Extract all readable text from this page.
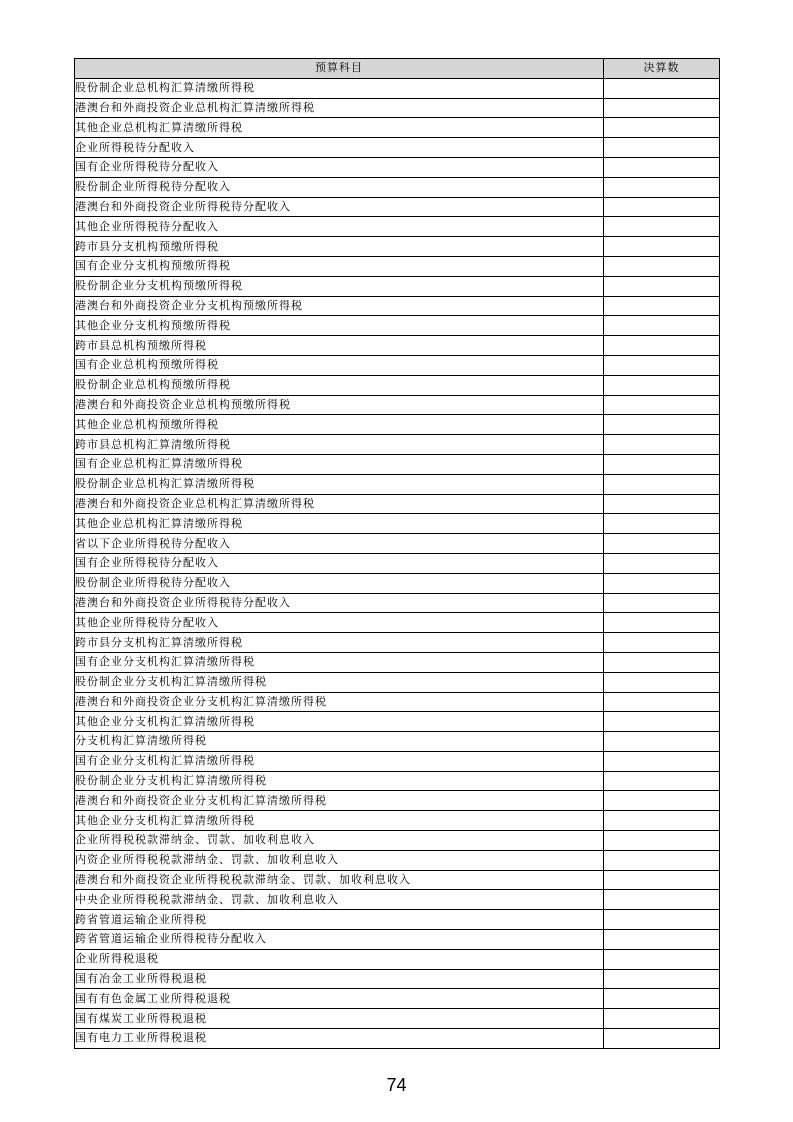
预算科目	决算数
股份制企业总机构汇算清缴所得税	
港澳台和外商投资企业总机构汇算清缴所得税	
其他企业总机构汇算清缴所得税	
企业所得税待分配收入	
国有企业所得税待分配收入	
股份制企业所得税待分配收入	
港澳台和外商投资企业所得税待分配收入	
其他企业所得税待分配收入	
跨市县分支机构预缴所得税	
国有企业分支机构预缴所得税	
股份制企业分支机构预缴所得税	
港澳台和外商投资企业分支机构预缴所得税	
其他企业分支机构预缴所得税	
跨市县总机构预缴所得税	
国有企业总机构预缴所得税	
股份制企业总机构预缴所得税	
港澳台和外商投资企业总机构预缴所得税	
其他企业总机构预缴所得税	
跨市县总机构汇算清缴所得税	
国有企业总机构汇算清缴所得税	
股份制企业总机构汇算清缴所得税	
港澳台和外商投资企业总机构汇算清缴所得税	
其他企业总机构汇算清缴所得税	
省以下企业所得税待分配收入	
国有企业所得税待分配收入	
股份制企业所得税待分配收入	
港澳台和外商投资企业所得税待分配收入	
其他企业所得税待分配收入	
跨市县分支机构汇算清缴所得税	
国有企业分支机构汇算清缴所得税	
股份制企业分支机构汇算清缴所得税	
港澳台和外商投资企业分支机构汇算清缴所得税	
其他企业分支机构汇算清缴所得税	
分支机构汇算清缴所得税	
国有企业分支机构汇算清缴所得税	
股份制企业分支机构汇算清缴所得税	
港澳台和外商投资企业分支机构汇算清缴所得税	
其他企业分支机构汇算清缴所得税	
企业所得税税款滞纳金、罚款、加收利息收入	
内资企业所得税税款滞纳金、罚款、加收利息收入	
港澳台和外商投资企业所得税税款滞纳金、罚款、加收利息收入	
中央企业所得税税款滞纳金、罚款、加收利息收入	
跨省管道运输企业所得税	
跨省管道运输企业所得税待分配收入	
企业所得税退税	
国有冶金工业所得税退税	
国有有色金属工业所得税退税	
国有煤炭工业所得税退税	
国有电力工业所得税退税	
74
